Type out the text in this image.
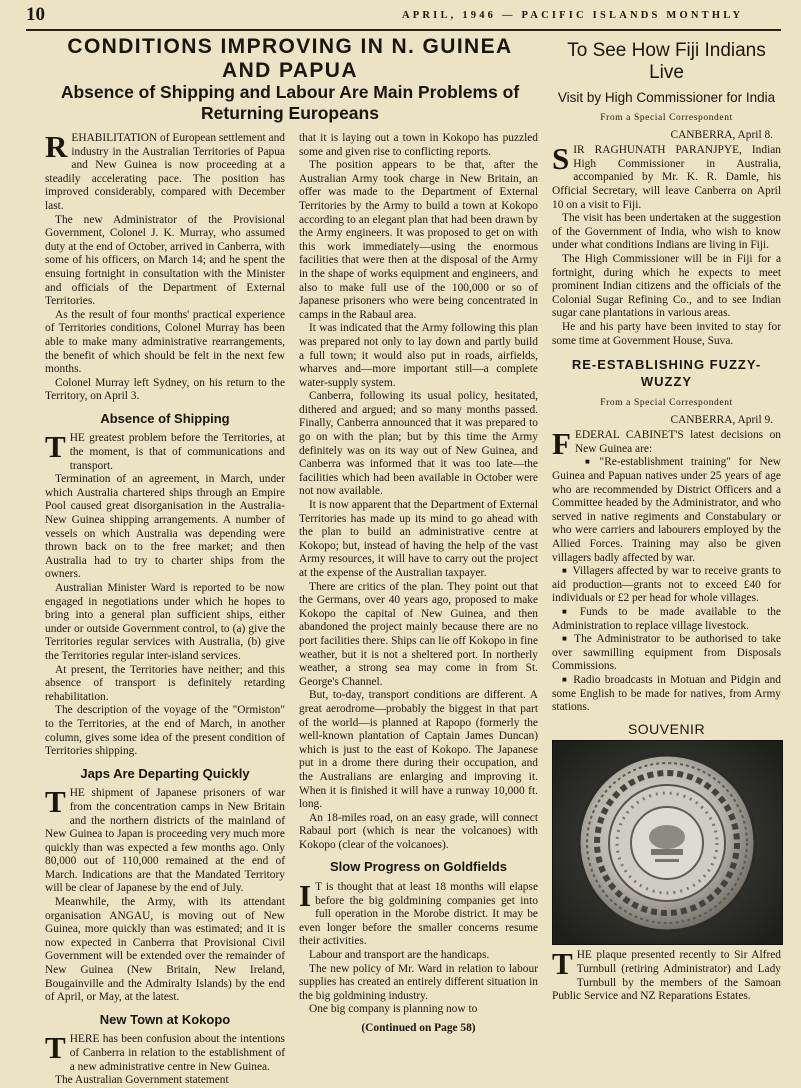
10	APRIL, 1946 — PACIFIC ISLANDS MONTHLY
CONDITIONS IMPROVING IN N. GUINEA AND PAPUA
Absence of Shipping and Labour Are Main Problems of Returning Europeans

REHABILITATION of European settlement and industry in the Australian Territories of Papua and New Guinea is now proceeding at a steadily accelerating pace. The position has improved considerably, compared with December last.

The new Administrator of the Provisional Government, Colonel J. K. Murray, who assumed duty at the end of October, arrived in Canberra, with some of his officers, on March 14; and he spent the ensuing fortnight in consultation with the Minister and officials of the Department of External Territories.

As the result of four months' practical experience of Territories conditions, Colonel Murray has been able to make many administrative rearrangements, the benefit of which should be felt in the next few months.

Colonel Murray left Sydney, on his return to the Territory, on April 3.

Absence of Shipping

THE greatest problem before the Territories, at the moment, is that of communications and transport.

Termination of an agreement, in March, under which Australia chartered ships through an Empire Pool caused great disorganisation in the Australia-New Guinea shipping arrangements. A number of vessels on which Australia was depending were thrown back on to the free market; and then Australia had to try to charter ships from the owners.

Australian Minister Ward is reported to be now engaged in negotiations under which he hopes to bring into a general plan sufficient ships, either under or outside Government control, to (a) give the Territories regular services with Australia, (b) give the Territories regular inter-island services.

At present, the Territories have neither; and this absence of transport is definitely retarding rehabilitation.

The description of the voyage of the "Ormiston" to the Territories, at the end of March, in another column, gives some idea of the present condition of Territories shipping.

Japs Are Departing Quickly

THE shipment of Japanese prisoners of war from the concentration camps in New Britain and the northern districts of the mainland of New Guinea to Japan is proceeding very much more quickly than was expected a few months ago. Only 80,000 out of 110,000 remained at the end of March. Indications are that the Mandated Territory will be clear of Japanese by the end of July.

Meanwhile, the Army, with its attendant organisation ANGAU, is moving out of New Guinea, more quickly than was estimated; and it is now expected in Canberra that Provisional Civil Government will be extended over the remainder of New Guinea (New Britain, New Ireland, Bougainville and the Admiralty Islands) by the end of April, or May, at the latest.

New Town at Kokopo

THERE has been confusion about the intentions of Canberra in relation to the establishment of a new administrative centre in New Guinea.

The Australian Government statement

that it is laying out a town in Kokopo has puzzled some and given rise to conflicting reports.

The position appears to be that, after the Australian Army took charge in New Britain, an offer was made to the Department of External Territories by the Army to build a town at Kokopo according to an elegant plan that had been drawn by the Army engineers. It was proposed to get on with this work immediately—using the enormous facilities that were then at the disposal of the Army in the shape of works equipment and engineers, and also to make full use of the 100,000 or so of Japanese prisoners who were being concentrated in camps in the Rabaul area.

It was indicated that the Army following this plan was prepared not only to lay down and partly build a full town; it would also put in roads, airfields, wharves and—more important still—a complete water-supply system.

Canberra, following its usual policy, hesitated, dithered and argued; and so many months passed. Finally, Canberra announced that it was prepared to go on with the plan; but by this time the Army definitely was on its way out of New Guinea, and Canberra was informed that it was too late—the facilities which had been available in October were not now available.

It is now apparent that the Department of External Territories has made up its mind to go ahead with the plan to build an administrative centre at Kokopo; but, instead of having the help of the vast Army resources, it will have to carry out the project at the expense of the Australian taxpayer.

There are critics of the plan. They point out that the Germans, over 40 years ago, proposed to make Kokopo the capital of New Guinea, and then abandoned the project mainly because there are no port facilities there. Ships can lie off Kokopo in fine weather, but it is not a sheltered port. In northerly weather, a strong sea may come in from St. George's Channel.

But, to-day, transport conditions are different. A great aerodrome—probably the biggest in that part of the world—is planned at Rapopo (formerly the well-known plantation of Captain James Duncan) which is just to the east of Kokopo. The Japanese put in a drome there during their occupation, and the Australians are enlarging and improving it. When it is finished it will have a runway 10,000 ft. long.

An 18-miles road, on an easy grade, will connect Rabaul port (which is near the volcanoes) with Kokopo (clear of the volcanoes).

Slow Progress on Goldfields

I T is thought that at least 18 months will elapse before the big goldmining companies get into full operation in the Morobe district. It may be even longer before the smaller concerns resume their activities.

Labour and transport are the handicaps.

The new policy of Mr. Ward in relation to labour supplies has created an entirely different situation in the big goldmining industry.

One big company is planning now to

(Continued on Page 58)
To See How Fiji Indians Live
Visit by High Commissioner for India
From a Special Correspondent
CANBERRA, April 8.

SIR RAGHUNATH PARANJPYE, Indian High Commissioner in Australia, accompanied by Mr. K. R. Damle, his Official Secretary, will leave Canberra on April 10 on a visit to Fiji.

The visit has been undertaken at the suggestion of the Government of India, who wish to know under what conditions Indians are living in Fiji.

The High Commissioner will be in Fiji for a fortnight, during which he expects to meet prominent Indian citizens and the officials of the Colonial Sugar Refining Co., and to see Indian sugar cane plantations in various areas.

He and his party have been invited to stay for some time at Government House, Suva.

RE-ESTABLISHING FUZZY-WUZZY
From a Special Correspondent
CANBERRA, April 9.

FEDERAL CABINET'S latest decisions on New Guinea are:

■ "Re-establishment training" for New Guinea and Papuan natives under 25 years of age who are recommended by District Officers and a Committee headed by the Administrator, and who served in native regiments and Constabulary or who were carriers and labourers employed by the Allied Forces. Training may also be given villagers badly affected by war.

■ Villagers affected by war to receive grants to aid production—grants not to exceed £40 for individuals or £2 per head for whole villages.

■ Funds to be made available to the Administration to replace village livestock.

■ The Administrator to be authorised to take over sawmilling equipment from Disposals Commissions.

■ Radio broadcasts in Motuan and Pidgin and some English to be made for natives, from Army stations.

SOUVENIR

THE plaque presented recently to Sir Alfred Turnbull (retiring Administrator) and Lady Turnbull by the members of the Samoan Public Service and NZ Reparations Estates.
